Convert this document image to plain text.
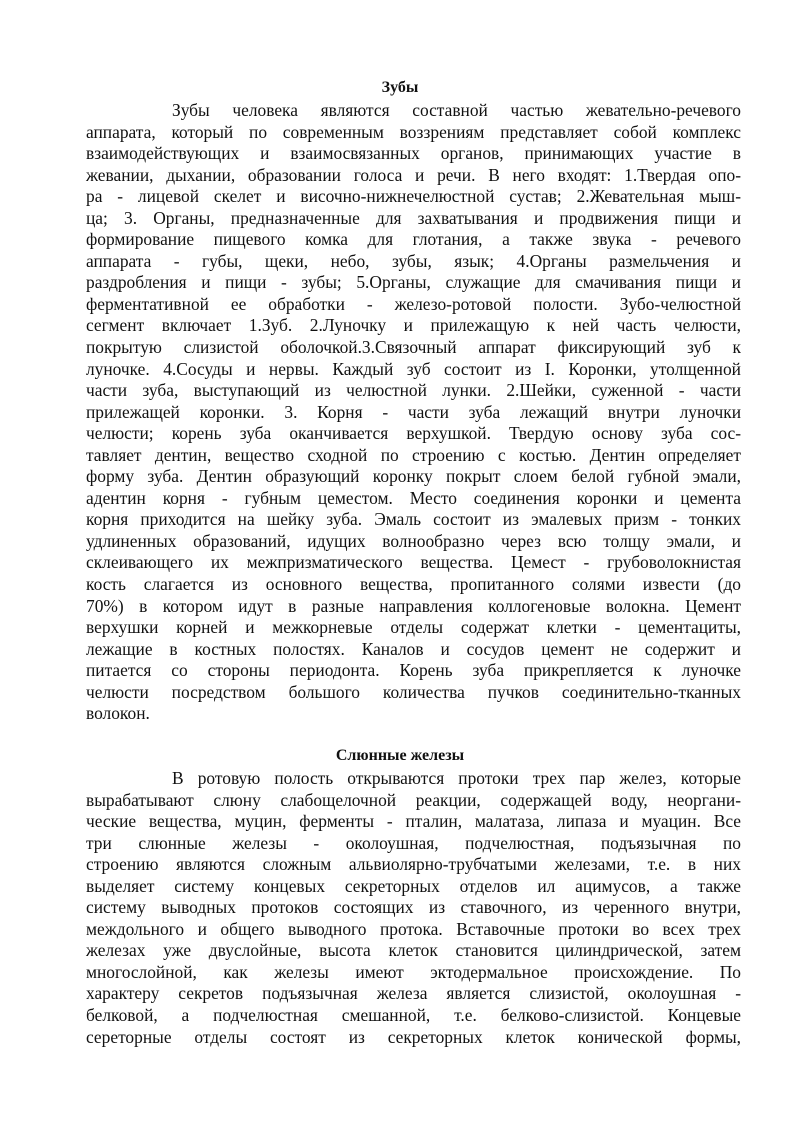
Зубы
Зубы человека являются составной частью жевательно-речевого
аппарата, который по современным воззрениям представляет собой комплекс
взаимодействующих и взаимосвязанных органов, принимающих участие в
жевании, дыхании, образовании голоса и речи. В него входят: 1.Твердая опо-
ра - лицевой скелет и височно-нижнечелюстной сустав; 2.Жевательная мыш-
ца; 3. Органы, предназначенные для захватывания и продвижения пищи и
формирование пищевого комка для глотания, а также звука - речевого
аппарата - губы, щеки, небо, зубы, язык; 4.Органы размельчения и
раздробления и пищи - зубы; 5.Органы, служащие для смачивания пищи и
ферментативной ее обработки - железо-ротовой полости. Зубо-челюстной
сегмент включает 1.Зуб. 2.Луночку и прилежащую к ней часть челюсти,
покрытую слизистой оболочкой.3.Связочный аппарат фиксирующий зуб к
луночке. 4.Сосуды и нервы. Каждый зуб состоит из I. Коронки, утолщенной
части зуба, выступающий из челюстной лунки. 2.Шейки, суженной - части
прилежащей коронки. 3. Корня - части зуба лежащий внутри луночки
челюсти; корень зуба оканчивается верхушкой. Твердую основу зуба сос-
тавляет дентин, вещество сходной по строению с костью. Дентин определяет
форму зуба. Дентин образующий коронку покрыт слоем белой губной эмали,
адентин корня - губным цеместом. Место соединения коронки и цемента
корня приходится на шейку зуба. Эмаль состоит из эмалевых призм - тонких
удлиненных образований, идущих волнообразно через всю толщу эмали, и
склеивающего их межпризматического вещества. Цемест - грубоволокнистая
кость слагается из основного вещества, пропитанного солями извести (до
70%) в котором идут в разные направления коллогеновые волокна. Цемент
верхушки корней и межкорневые отделы содержат клетки - цементациты,
лежащие в костных полостях. Каналов и сосудов цемент не содержит и
питается со стороны периодонта. Корень зуба прикрепляется к луночке
челюсти посредством большого количества пучков соединительно-тканных
волокон.
Слюнные железы
В ротовую полость открываются протоки трех пар желез, которые
вырабатывают слюну слабощелочной реакции, содержащей воду, неоргани-
ческие вещества, муцин, ферменты - пталин, малатаза, липаза и муацин. Все
три слюнные железы - околоушная, подчелюстная, подъязычная по
строению являются сложным альвиолярно-трубчатыми железами, т.е. в них
выделяет систему концевых секреторных отделов ил ацимусов, а также
систему выводных протоков состоящих из ставочного, из черенного внутри,
междольного и общего выводного протока. Вставочные протоки во всех трех
железах уже двуслойные, высота клеток становится цилиндрической, затем
многослойной, как железы имеют эктодермальное происхождение. По
характеру секретов подъязычная железа является слизистой, околоушная -
белковой, а подчелюстная смешанной, т.е. белково-слизистой. Концевые
сереторные отделы состоят из секреторных клеток конической формы,
